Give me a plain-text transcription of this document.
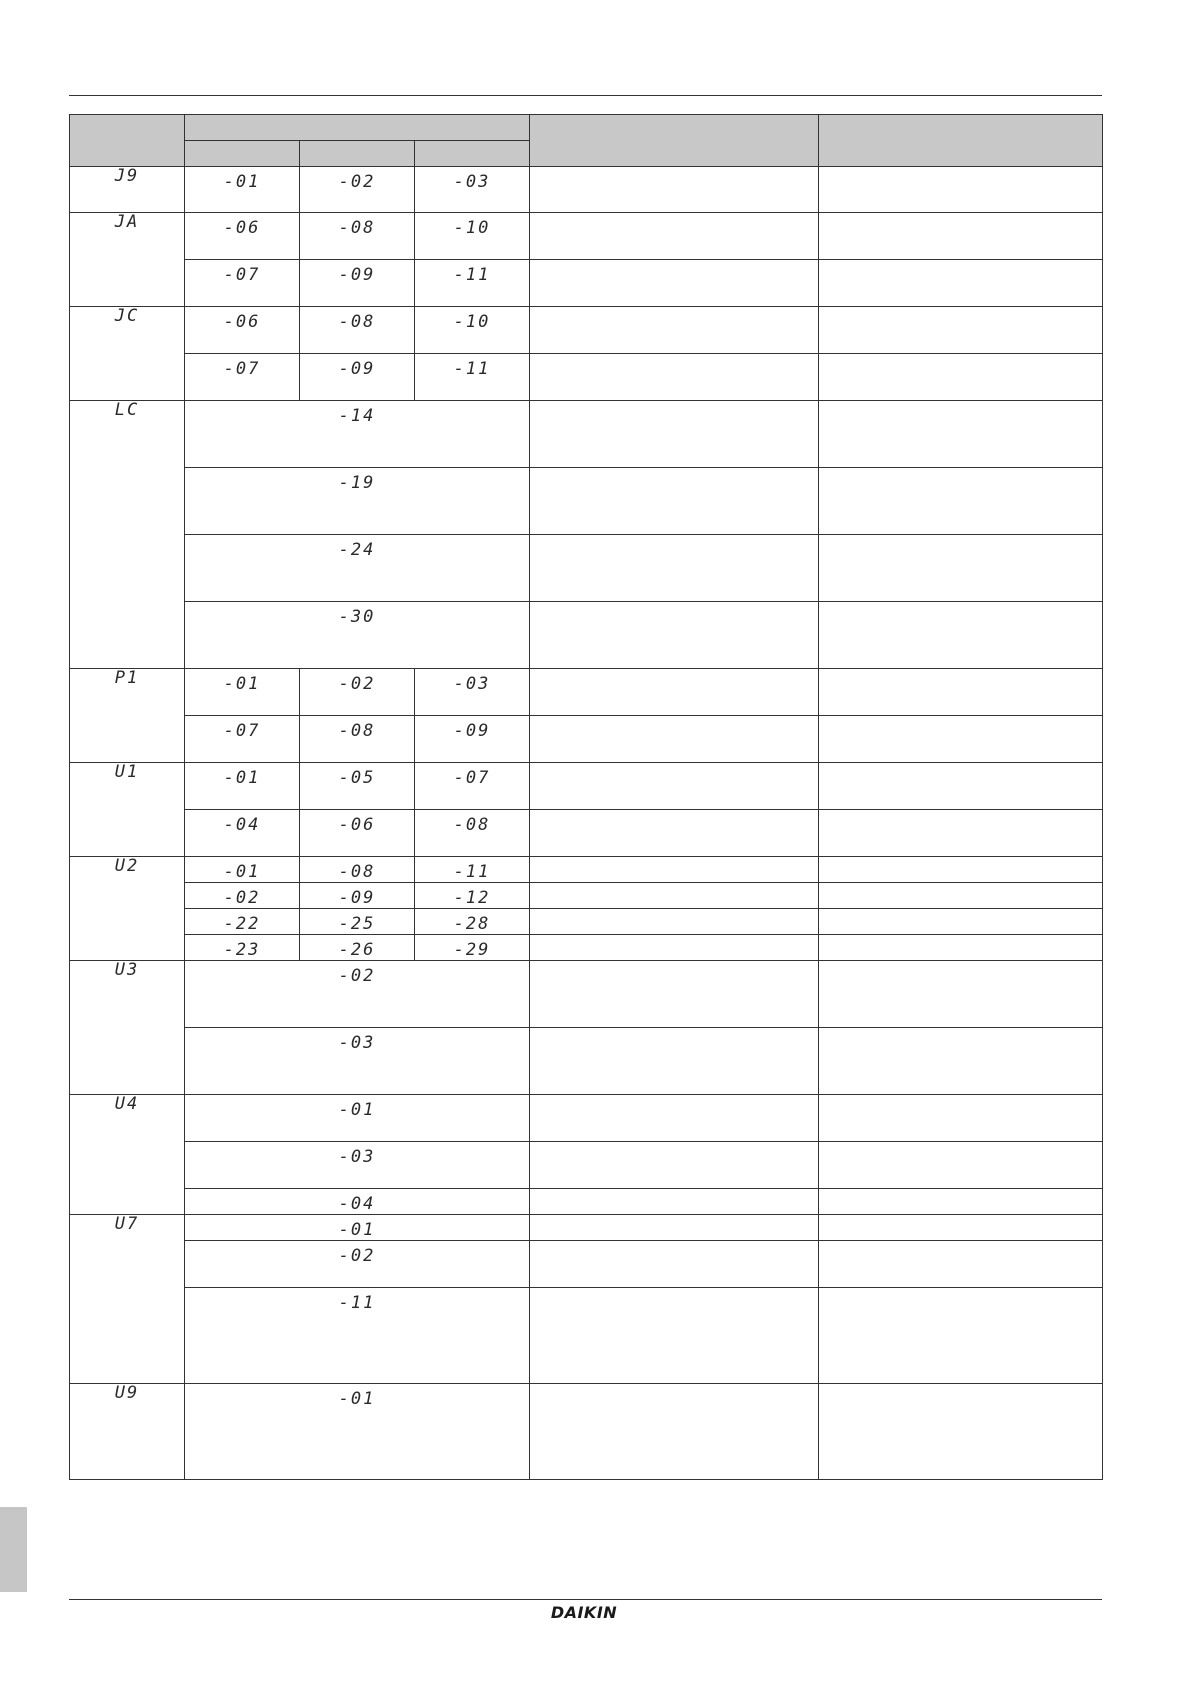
J9	-01	-02	-03		

JA	-06	-08	-10		

	-07	-09	-11		

JC	-06	-08	-10		

	-07	-09	-11		

LC	-14				

	-19				

	-24				

	-30				

P1	-01	-02	-03		

	-07	-08	-09		

U1	-01	-05	-07		

	-04	-06	-08		

U2	-01	-08	-11		

	-02	-09	-12		

	-22	-25	-28		

	-23	-26	-29		

U3	-02				

	-03				

U4	-01				

	-03				

	-04				

U7	-01				

	-02				

	-11				

U9	-01				

DAIKIN
